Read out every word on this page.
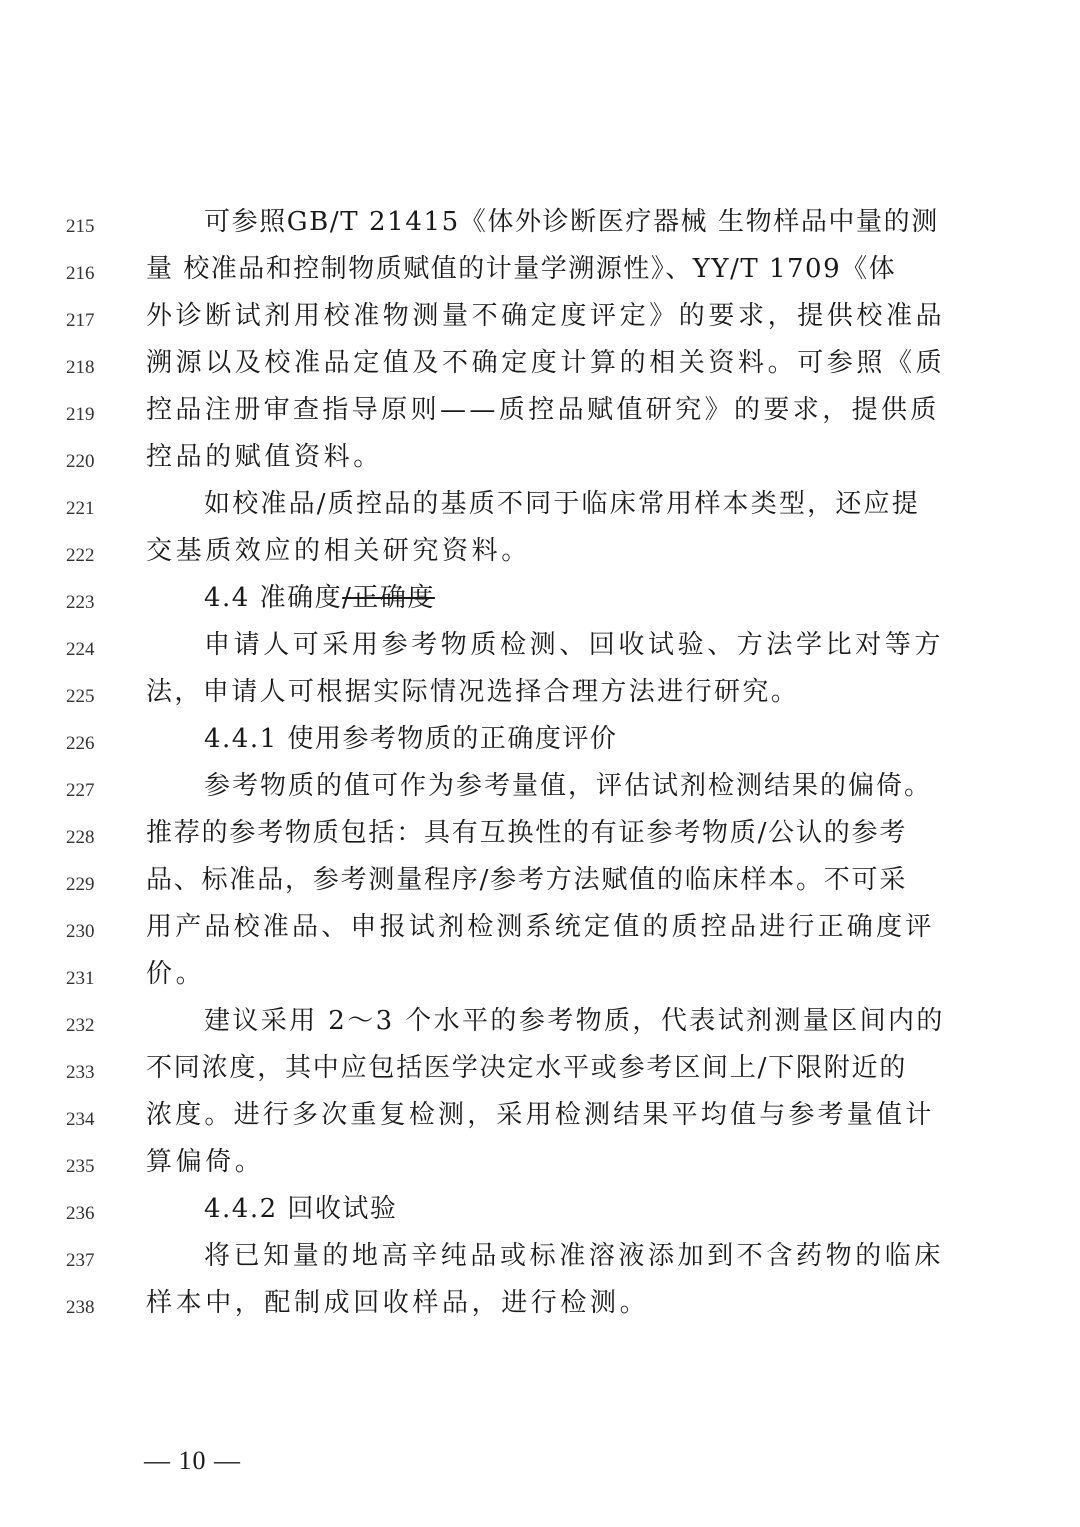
215	可参照GB/T 21415《体外诊断医疗器械 生物样品中量的测
216	量 校准品和控制物质赋值的计量学溯源性》、YY/T 1709《体
217	外诊断试剂用校准物测量不确定度评定》的要求，提供校准品
218	溯源以及校准品定值及不确定度计算的相关资料。可参照《质
219	控品注册审查指导原则——质控品赋值研究》的要求，提供质
220	控品的赋值资料。
221	如校准品/质控品的基质不同于临床常用样本类型，还应提
222	交基质效应的相关研究资料。
223	4.4 准确度/正确度
224	申请人可采用参考物质检测、回收试验、方法学比对等方
225	法，申请人可根据实际情况选择合理方法进行研究。
226	4.4.1 使用参考物质的正确度评价
227	参考物质的值可作为参考量值，评估试剂检测结果的偏倚。
228	推荐的参考物质包括：具有互换性的有证参考物质/公认的参考
229	品、标准品，参考测量程序/参考方法赋值的临床样本。不可采
230	用产品校准品、申报试剂检测系统定值的质控品进行正确度评
231	价。
232	建议采用 2～3 个水平的参考物质，代表试剂测量区间内的
233	不同浓度，其中应包括医学决定水平或参考区间上/下限附近的
234	浓度。进行多次重复检测，采用检测结果平均值与参考量值计
235	算偏倚。
236	4.4.2 回收试验
237	将已知量的地高辛纯品或标准溶液添加到不含药物的临床
238	样本中，配制成回收样品，进行检测。
— 10 —
